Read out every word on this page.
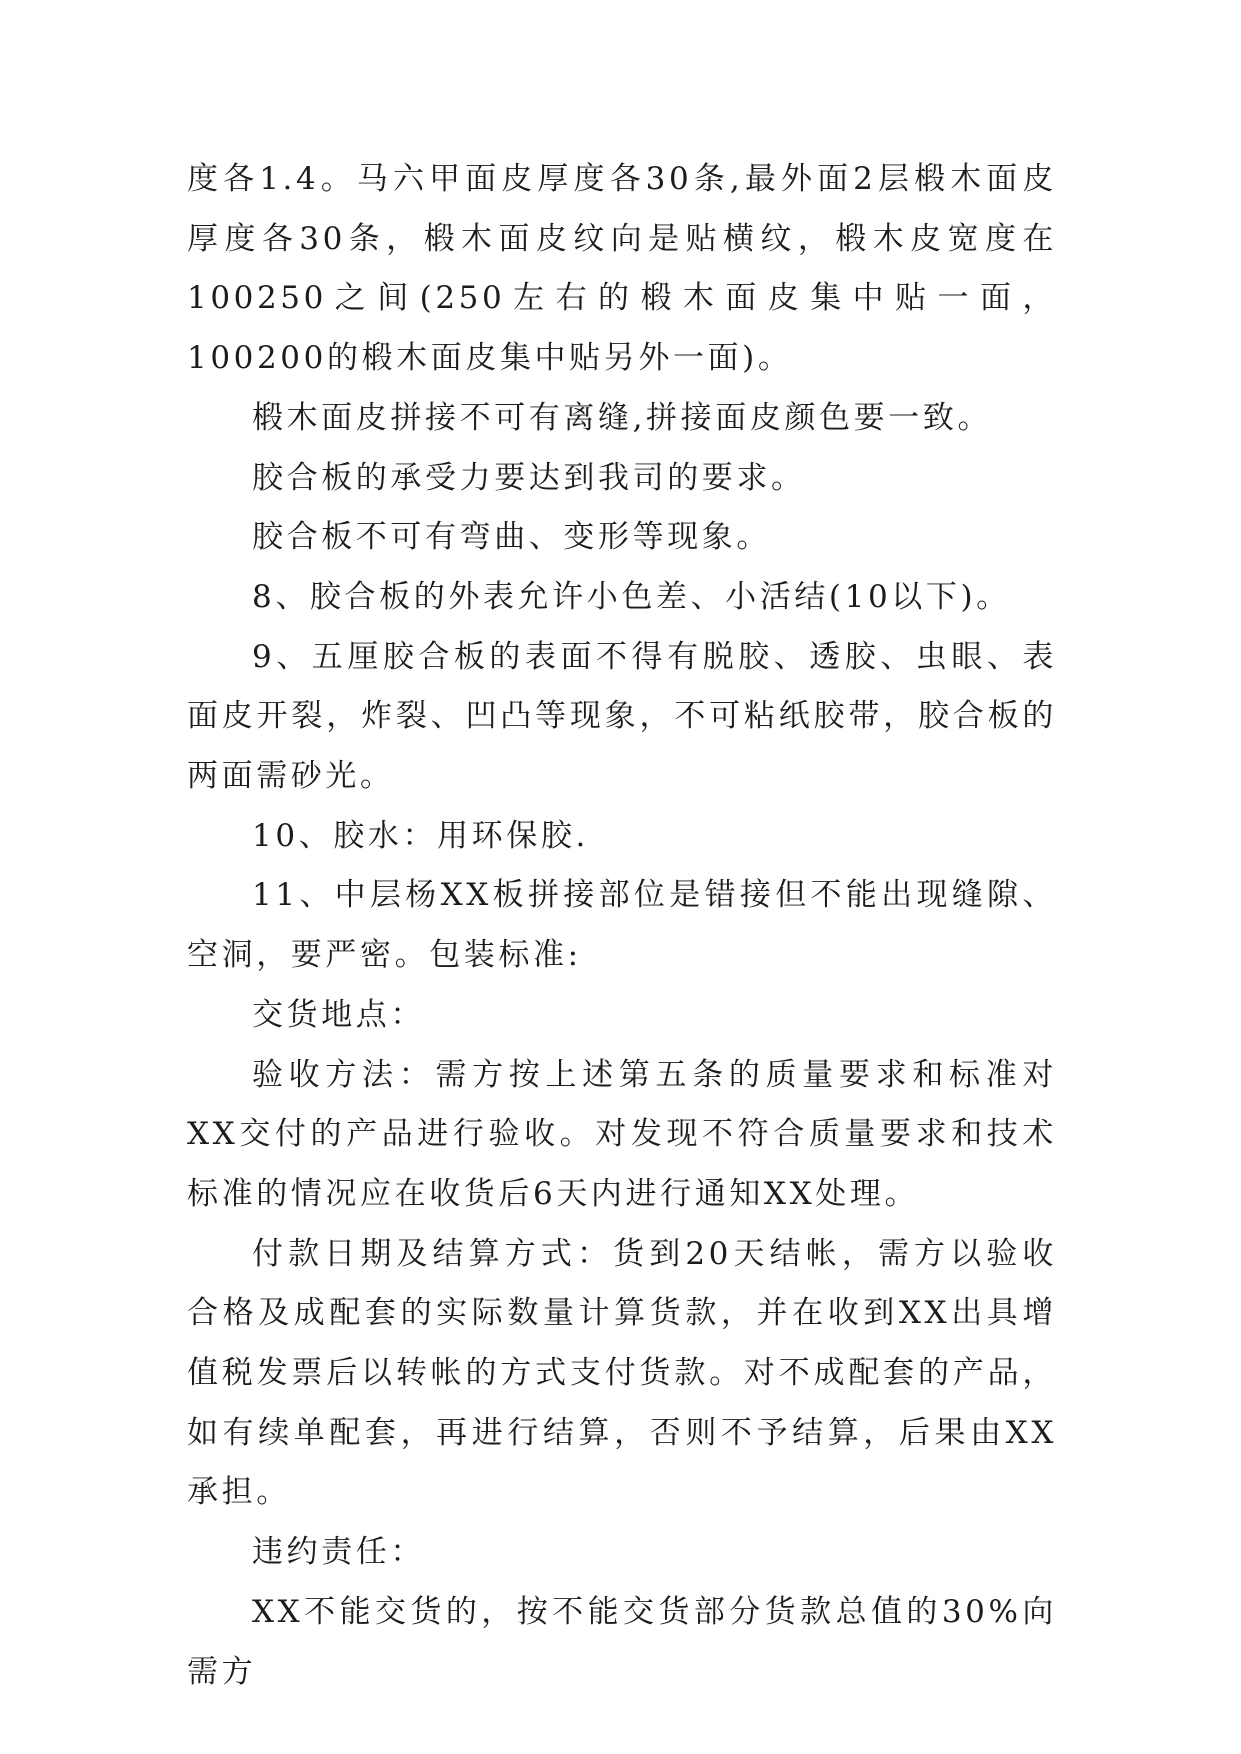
度各1.4。马六甲面皮厚度各30条,最外面2层椴木面皮厚度各30条，椴木面皮纹向是贴横纹，椴木皮宽度在100250之间(250左右的椴木面皮集中贴一面，100200的椴木面皮集中贴另外一面)。

椴木面皮拼接不可有离缝,拼接面皮颜色要一致。

胶合板的承受力要达到我司的要求。

胶合板不可有弯曲、变形等现象。

8、胶合板的外表允许小色差、小活结(10以下)。

9、五厘胶合板的表面不得有脱胶、透胶、虫眼、表面皮开裂，炸裂、凹凸等现象，不可粘纸胶带，胶合板的两面需砂光。

10、胶水：用环保胶.

11、中层杨XX板拼接部位是错接但不能出现缝隙、空洞，要严密。包装标准:

交货地点：

验收方法：需方按上述第五条的质量要求和标准对XX交付的产品进行验收。对发现不符合质量要求和技术标准的情况应在收货后6天内进行通知XX处理。

付款日期及结算方式：货到20天结帐，需方以验收合格及成配套的实际数量计算货款，并在收到XX出具增值税发票后以转帐的方式支付货款。对不成配套的产品，如有续单配套，再进行结算，否则不予结算，后果由XX承担。

违约责任：

XX不能交货的，按不能交货部分货款总值的30%向需方
